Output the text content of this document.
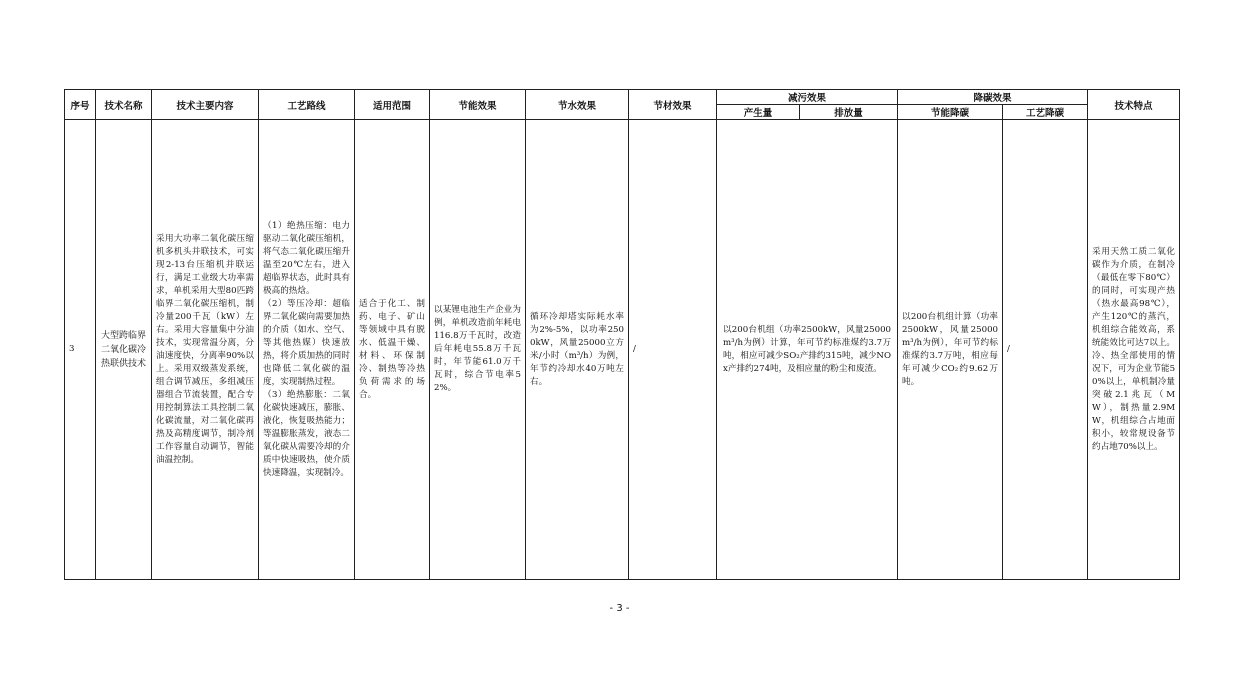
序号	技术名称	技术主要内容	工艺路线	适用范围	节能效果	节水效果	节材效果	减污效果		降碳效果		技术特点
								产生量	排放量	节能降碳	工艺降碳	

3	大型跨临界二氧化碳冷热联供技术	采用大功率二氧化碳压缩机多机头并联技术，可实现2-13台压缩机并联运行，满足工业级大功率需求，单机采用大型80匹跨临界二氧化碳压缩机，制冷量200千瓦（kW）左右。采用大容量集中分油技术，实现常温分离，分油速度快，分离率90%以上。采用双级蒸发系统，组合调节减压，多组减压器组合节流装置，配合专用控制算法工具控制二氧化碳流量，对二氧化碳再热及高精度调节，制冷剂工作容量自动调节，智能油温控制。	（1）绝热压缩：电力驱动二氧化碳压缩机，将气态二氧化碳压缩升温至20℃左右，进入超临界状态，此时具有极高的热焓。

（2）等压冷却：超临界二氧化碳向需要加热的介质（如水、空气、等其他热媒）快速放热，将介质加热的同时也降低二氧化碳的温度，实现制热过程。

（3）绝热膨胀：二氧化碳快速减压，膨胀、液化，恢复吸热能力；等温膨胀蒸发，液态二氧化碳从需要冷却的介质中快速吸热，使介质快速降温，实现制冷。	适合于化工、制药、电子、矿山等领域中具有脱水、低温干燥、材料、环保制冷、制热等冷热负荷需求的场合。	以某锂电池生产企业为例，单机改造前年耗电116.8万千瓦时，改造后年耗电55.8万千瓦时，年节能61.0万千瓦时，综合节电率52%。	循环冷却塔实际耗水率为2%-5%，以功率2500kW，风量25000立方米/小时（m³/h）为例，年节约冷却水40万吨左右。	/	以200台机组（功率2500kW，风量25000m³/h为例）计算，年可节约标准煤约3.7万吨，相应可减少SO₂产排约315吨，减少NOx产排约274吨，及相应量的粉尘和废渣。		以200台机组计算（功率2500kW，风量25000m³/h为例），年可节约标准煤约3.7万吨，相应每年可减少CO₂约9.62万吨。	/	采用天然工质二氧化碳作为介质，在制冷（最低在零下80℃）的同时，可实现产热（热水最高98℃），产生120℃的蒸汽，机组综合能效高，系统能效比可达7以上。冷、热全部使用的情况下，可为企业节能50%以上，单机制冷量突破2.1兆瓦（MW），制热量2.9MW，机组综合占地面积小，较常规设备节约占地70%以上。
- 3 -
